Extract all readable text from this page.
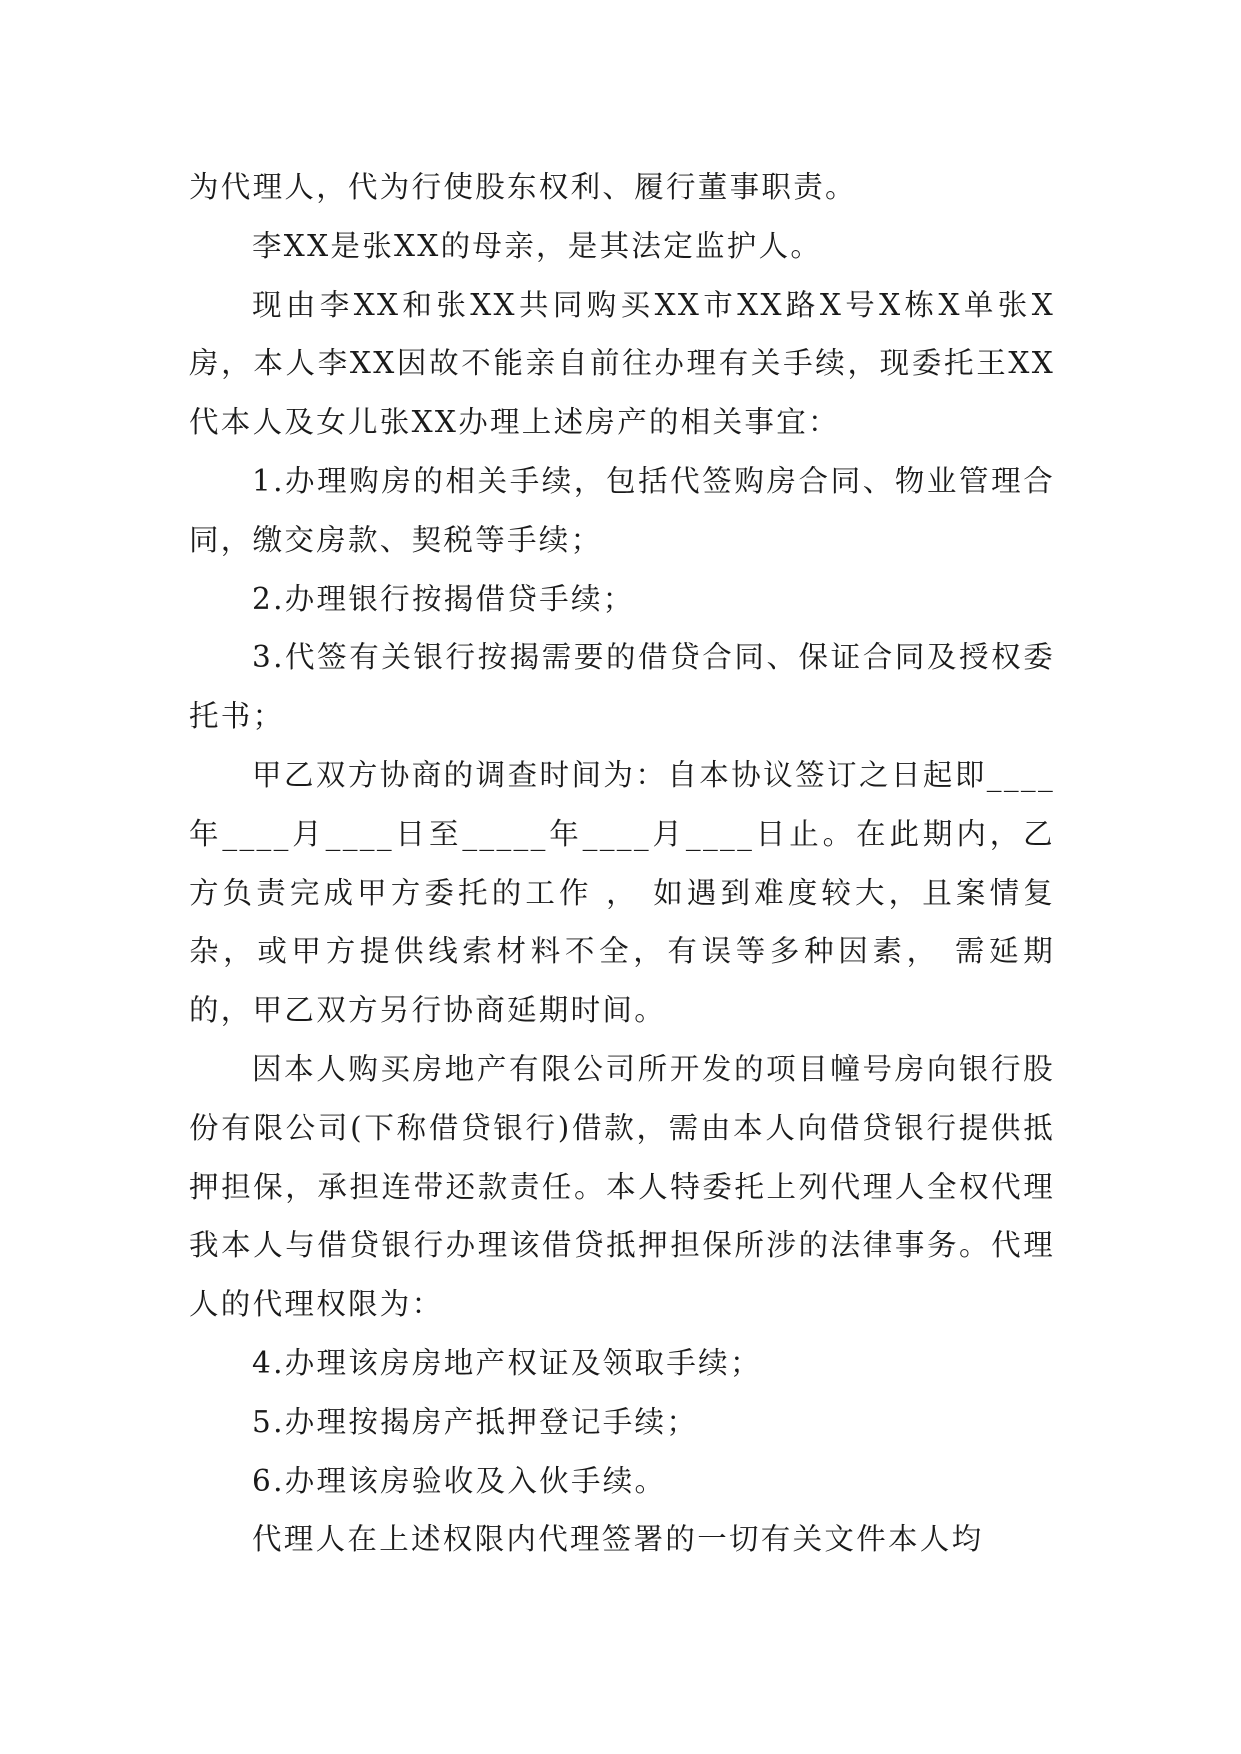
为代理人，代为行使股东权利、履行董事职责。

李XX是张XX的母亲，是其法定监护人。

现由李XX和张XX共同购买XX市XX路X号X栋X单张X房，本人李XX因故不能亲自前往办理有关手续，现委托王XX代本人及女儿张XX办理上述房产的相关事宜：

1.办理购房的相关手续，包括代签购房合同、物业管理合同，缴交房款、契税等手续；

2.办理银行按揭借贷手续；

3.代签有关银行按揭需要的借贷合同、保证合同及授权委托书；

甲乙双方协商的调查时间为：自本协议签订之日起即____年____月____日至_____年____月____日止。在此期内，乙方负责完成甲方委托的工作 ， 如遇到难度较大，且案情复杂，或甲方提供线索材料不全，有误等多种因素， 需延期的，甲乙双方另行协商延期时间。

因本人购买房地产有限公司所开发的项目幢号房向银行股份有限公司(下称借贷银行)借款，需由本人向借贷银行提供抵押担保，承担连带还款责任。本人特委托上列代理人全权代理我本人与借贷银行办理该借贷抵押担保所涉的法律事务。代理人的代理权限为：

4.办理该房房地产权证及领取手续；

5.办理按揭房产抵押登记手续；

6.办理该房验收及入伙手续。

代理人在上述权限内代理签署的一切有关文件本人均
